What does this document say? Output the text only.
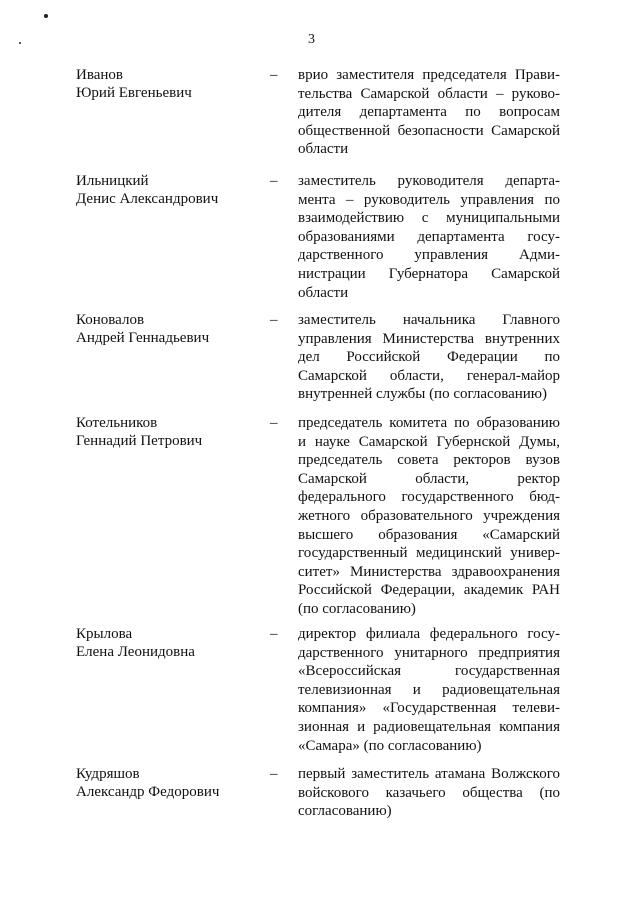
3
Иванов
Юрий Евгеньевич
– врио заместителя председателя Прави-
тельства Самарской области – руково-
дителя департамента по вопросам
общественной безопасности Самарской
области
Ильницкий
Денис Александрович
– заместитель руководителя департа-
мента – руководитель управления по
взаимодействию с муниципальными
образованиями департамента госу-
дарственного управления Адми-
нистрации Губернатора Самарской
области
Коновалов
Андрей Геннадьевич
– заместитель начальника Главного
управления Министерства внутренних
дел Российской Федерации по
Самарской области, генерал-майор
внутренней службы (по согласованию)
Котельников
Геннадий Петрович
– председатель комитета по образованию
и науке Самарской Губернской Думы,
председатель совета ректоров вузов
Самарской области, ректор
федерального государственного бюд-
жетного образовательного учреждения
высшего образования «Самарский
государственный медицинский универ-
ситет» Министерства здравоохранения
Российской Федерации, академик РАН
(по согласованию)
Крылова
Елена Леонидовна
– директор филиала федерального госу-
дарственного унитарного предприятия
«Всероссийская государственная
телевизионная и радиовещательная
компания» «Государственная телеви-
зионная и радиовещательная компания
«Самара» (по согласованию)
Кудряшов
Александр Федорович
– первый заместитель атамана Волжского
войскового казачьего общества (по
согласованию)
